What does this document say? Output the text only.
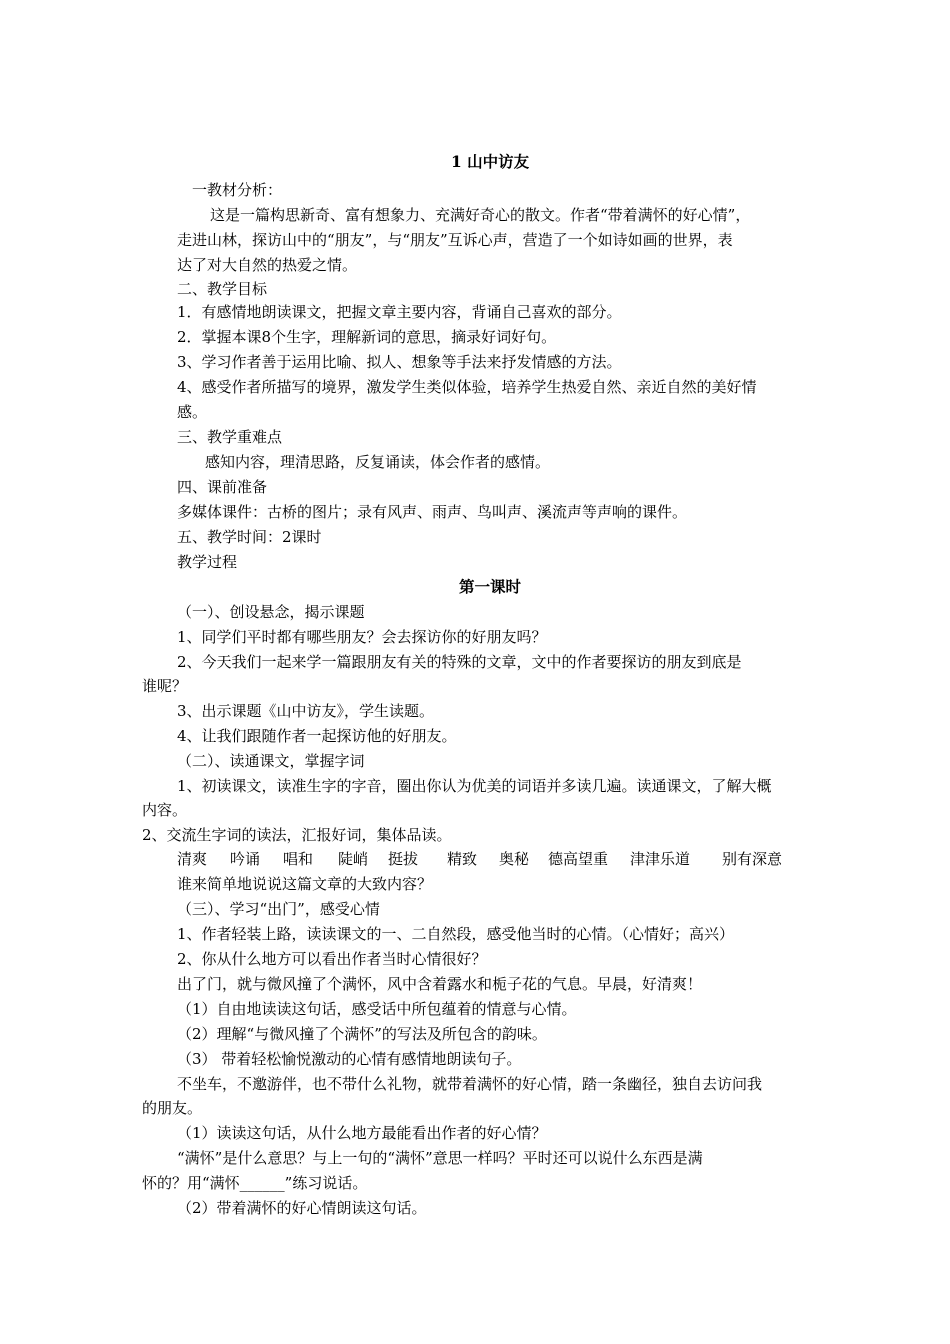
1 山中访友
一教材分析：
这是一篇构思新奇、富有想象力、充满好奇心的散文。作者“带着满怀的好心情”，
走进山林，探访山中的“朋友”，与“朋友”互诉心声，营造了一个如诗如画的世界，表
达了对大自然的热爱之情。
二、教学目标
1．有感情地朗读课文，把握文章主要内容，背诵自己喜欢的部分。
2．掌握本课8个生字，理解新词的意思，摘录好词好句。
3、学习作者善于运用比喻、拟人、想象等手法来抒发情感的方法。
4、感受作者所描写的境界，激发学生类似体验，培养学生热爱自然、亲近自然的美好情
感。
三、教学重难点
感知内容，理清思路，反复诵读，体会作者的感情。
四、课前准备
多媒体课件：古桥的图片；录有风声、雨声、鸟叫声、溪流声等声响的课件。
五、教学时间：2课时
教学过程
第一课时
（一）、创设悬念，揭示课题
1、同学们平时都有哪些朋友？会去探访你的好朋友吗？
2、今天我们一起来学一篇跟朋友有关的特殊的文章，文中的作者要探访的朋友到底是
谁呢？
3、出示课题《山中访友》，学生读题。
4、让我们跟随作者一起探访他的好朋友。
（二）、读通课文，掌握字词
1、初读课文，读准生字的字音，圈出你认为优美的词语并多读几遍。读通课文，了解大概
内容。
2、交流生字词的读法，汇报好词，集体品读。
清爽 吟诵 唱和 陡峭 挺拔 精致 奥秘 德高望重 津津乐道 别有深意
谁来简单地说说这篇文章的大致内容？
（三）、学习“出门”，感受心情
1、作者轻装上路，读读课文的一、二自然段，感受他当时的心情。（心情好；高兴）
2、你从什么地方可以看出作者当时心情很好？
出了门，就与微风撞了个满怀，风中含着露水和栀子花的气息。早晨，好清爽！
（1）自由地读读这句话，感受话中所包蕴着的情意与心情。
（2）理解“与微风撞了个满怀”的写法及所包含的韵味。
（3） 带着轻松愉悦激动的心情有感情地朗读句子。
不坐车，不邀游伴，也不带什么礼物，就带着满怀的好心情，踏一条幽径，独自去访问我
的朋友。
（1）读读这句话，从什么地方最能看出作者的好心情？
“满怀”是什么意思？与上一句的“满怀”意思一样吗？平时还可以说什么东西是满
怀的？用“满怀______”练习说话。
（2）带着满怀的好心情朗读这句话。
